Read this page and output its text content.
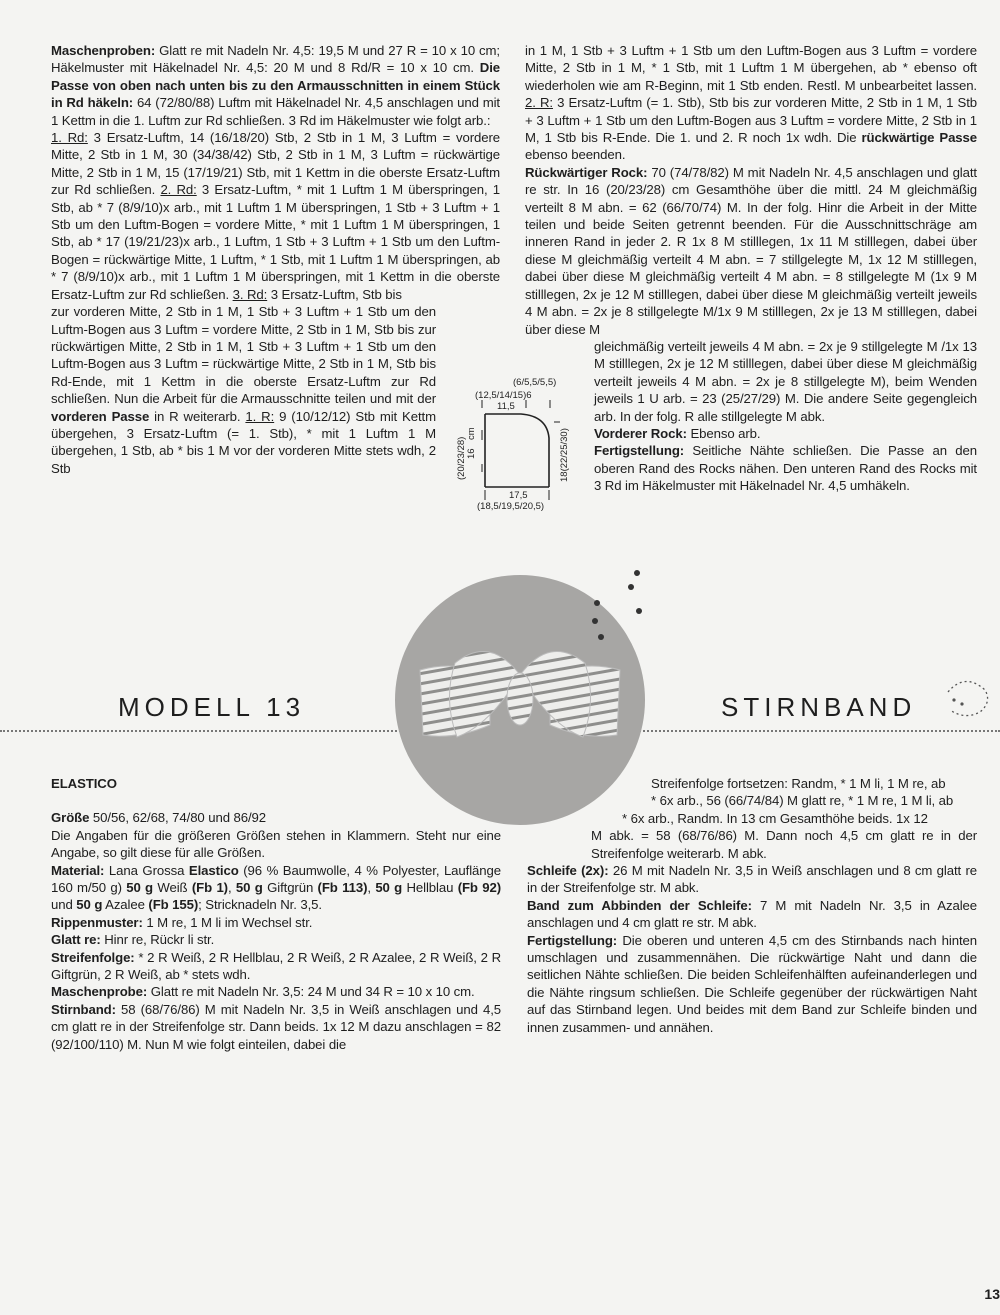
Maschenproben: Glatt re mit Nadeln Nr. 4,5: 19,5 M und 27 R = 10 x 10 cm; Häkelmuster mit Häkelnadel Nr. 4,5: 20 M und 8 Rd/R = 10 x 10 cm. Die Passe von oben nach unten bis zu den Armausschnitten in einem Stück in Rd häkeln: 64 (72/80/88) Luftm mit Häkelnadel Nr. 4,5 anschlagen und mit 1 Kettm in die 1. Luftm zur Rd schließen. 3 Rd im Häkelmuster wie folgt arb.:

1. Rd: 3 Ersatz-Luftm, 14 (16/18/20) Stb, 2 Stb in 1 M, 3 Luftm = vordere Mitte, 2 Stb in 1 M, 30 (34/38/42) Stb, 2 Stb in 1 M, 3 Luftm = rückwärtige Mitte, 2 Stb in 1 M, 15 (17/19/21) Stb, mit 1 Kettm in die oberste Ersatz-Luftm zur Rd schließen. 2. Rd: 3 Ersatz-Luftm, * mit 1 Luftm 1 M überspringen, 1 Stb, ab * 7 (8/9/10)x arb., mit 1 Luftm 1 M überspringen, 1 Stb + 3 Luftm + 1 Stb um den Luftm-Bogen = vordere Mitte, * mit 1 Luftm 1 M überspringen, 1 Stb, ab * 17 (19/21/23)x arb., 1 Luftm, 1 Stb + 3 Luftm + 1 Stb um den Luftm-Bogen = rückwärtige Mitte, 1 Luftm, * 1 Stb, mit 1 Luftm 1 M überspringen, ab * 7 (8/9/10)x arb., mit 1 Luftm 1 M überspringen, mit 1 Kettm in die oberste Ersatz-Luftm zur Rd schließen. 3. Rd: 3 Ersatz-Luftm, Stb bis

zur vorderen Mitte, 2 Stb in 1 M, 1 Stb + 3 Luftm + 1 Stb um den Luftm-Bogen aus 3 Luftm = vordere Mitte, 2 Stb in 1 M, Stb bis zur rückwärtigen Mitte, 2 Stb in 1 M, 1 Stb + 3 Luftm + 1 Stb um den Luftm-Bogen aus 3 Luftm = rückwärtige Mitte, 2 Stb in 1 M, Stb bis Rd-Ende, mit 1 Kettm in die oberste Ersatz-Luftm zur Rd schließen. Nun die Arbeit für die Armausschnitte teilen und mit der vorderen Passe in R weiterarb. 1. R: 9 (10/12/12) Stb mit Kettm übergehen, 3 Ersatz-Luftm (= 1. Stb), * mit 1 Luftm 1 M übergehen, 1 Stb, ab * bis 1 M vor der vorderen Mitte stets wdh, 2 Stb

(6/5,5/5,5)
(12,5/14/15)6
11,5
(20/23/28) 16
cm	18(22/25/30)
17,5
(18,5/19,5/20,5)

in 1 M, 1 Stb + 3 Luftm + 1 Stb um den Luftm-Bogen aus 3 Luftm = vordere Mitte, 2 Stb in 1 M, * 1 Stb, mit 1 Luftm 1 M übergehen, ab * ebenso oft wiederholen wie am R-Beginn, mit 1 Stb enden. Restl. M unbearbeitet lassen. 2. R: 3 Ersatz-Luftm (= 1. Stb), Stb bis zur vorderen Mitte, 2 Stb in 1 M, 1 Stb + 3 Luftm + 1 Stb um den Luftm-Bogen aus 3 Luftm = vordere Mitte, 2 Stb in 1 M, 1 Stb bis R-Ende. Die 1. und 2. R noch 1x wdh. Die rückwärtige Passe ebenso beenden.

Rückwärtiger Rock: 70 (74/78/82) M mit Nadeln Nr. 4,5 anschlagen und glatt re str. In 16 (20/23/28) cm Gesamthöhe über die mittl. 24 M gleichmäßig verteilt 8 M abn. = 62 (66/70/74) M. In der folg. Hinr die Arbeit in der Mitte teilen und beide Seiten getrennt beenden. Für die Ausschnittschräge am inneren Rand in jeder 2. R 1x 8 M stilllegen, 1x 11 M stilllegen, dabei über diese M gleichmäßig verteilt 4 M abn. = 7 stillgelegte M, 1x 12 M stilllegen, dabei über diese M gleichmäßig verteilt 4 M abn. = 8 stillgelegte M (1x 9 M stilllegen, 2x je 12 M stilllegen, dabei über diese M gleichmäßig verteilt jeweils 4 M abn. = 2x je 8 stillgelegte M/1x 9 M stilllegen, 2x je 13 M stilllegen, dabei über diese M

gleichmäßig verteilt jeweils 4 M abn. = 2x je 9 stillgelegte M /1x 13 M stilllegen, 2x je 12 M stilllegen, dabei über diese M gleichmäßig verteilt jeweils 4 M abn. = 2x je 8 stillgelegte M), beim Wenden jeweils 1 U arb. = 23 (25/27/29) M. Die andere Seite gegengleich arb. In der folg. R alle stillgelegte M abk.

Vorderer Rock: Ebenso arb.

Fertigstellung: Seitliche Nähte schließen. Die Passe an den oberen Rand des Rocks nähen. Den unteren Rand des Rocks mit 3 Rd im Häkelmuster mit Häkelnadel Nr. 4,5 umhäkeln.

MODELL 13	STIRNBAND

ELASTICO

Größe 50/56, 62/68, 74/80 und 86/92

Die Angaben für die größeren Größen stehen in Klammern. Steht nur eine Angabe, so gilt diese für alle Größen.

Material: Lana Grossa Elastico (96 % Baumwolle, 4 % Polyester, Lauflänge 160 m/50 g) 50 g Weiß (Fb 1), 50 g Giftgrün (Fb 113), 50 g Hellblau (Fb 92) und 50 g Azalee (Fb 155); Stricknadeln Nr. 3,5.

Rippenmuster: 1 M re, 1 M li im Wechsel str.

Glatt re: Hinr re, Rückr li str.

Streifenfolge: * 2 R Weiß, 2 R Hellblau, 2 R Weiß, 2 R Azalee, 2 R Weiß, 2 R Giftgrün, 2 R Weiß, ab * stets wdh.

Maschenprobe: Glatt re mit Nadeln Nr. 3,5: 24 M und 34 R = 10 x 10 cm.

Stirnband: 58 (68/76/86) M mit Nadeln Nr. 3,5 in Weiß anschlagen und 4,5 cm glatt re in der Streifenfolge str. Dann beids. 1x 12 M dazu anschlagen = 82 (92/100/110) M. Nun M wie folgt einteilen, dabei die

Streifenfolge fortsetzen: Randm, * 1 M li, 1 M re, ab

* 6x arb., 56 (66/74/84) M glatt re, * 1 M re, 1 M li, ab

* 6x arb., Randm. In 13 cm Gesamthöhe beids. 1x 12

M abk. = 58 (68/76/86) M. Dann noch 4,5 cm glatt re in der Streifenfolge weiterarb. M abk.

Schleife (2x): 26 M mit Nadeln Nr. 3,5 in Weiß anschlagen und 8 cm glatt re in der Streifenfolge str. M abk.

Band zum Abbinden der Schleife: 7 M mit Nadeln Nr. 3,5 in Azalee anschlagen und 4 cm glatt re str. M abk.

Fertigstellung: Die oberen und unteren 4,5 cm des Stirnbands nach hinten umschlagen und zusammennähen. Die rückwärtige Naht und dann die seitlichen Nähte schließen. Die beiden Schleifenhälften aufeinanderlegen und die Nähte ringsum schließen. Die Schleife gegenüber der rückwärtigen Naht auf das Stirnband legen. Und beides mit dem Band zur Schleife binden und innen zusammen- und annähen.

13
